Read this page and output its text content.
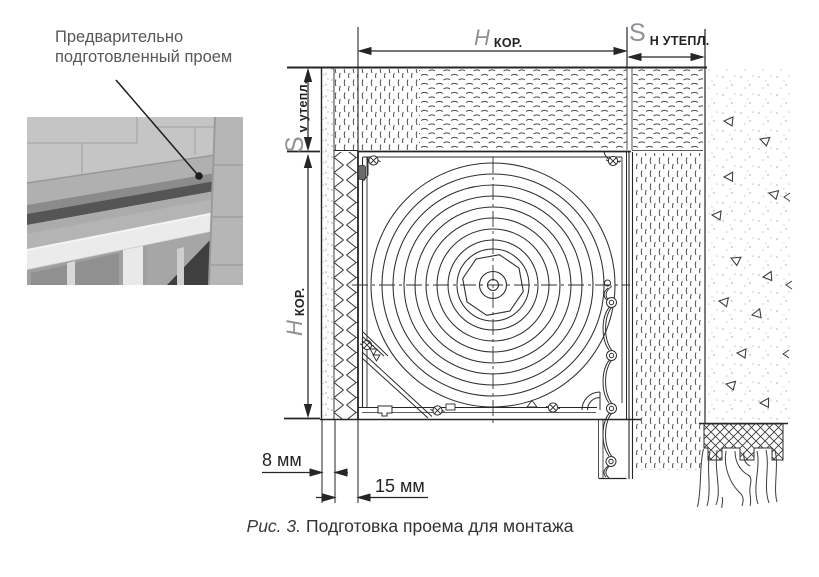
Предварительно
подготовленный проем
H КОР.	S Н УТЕПЛ.
S
v утепл.
H
КОР.
8 мм
15 мм
Рис. 3. Подготовка проема для монтажа
